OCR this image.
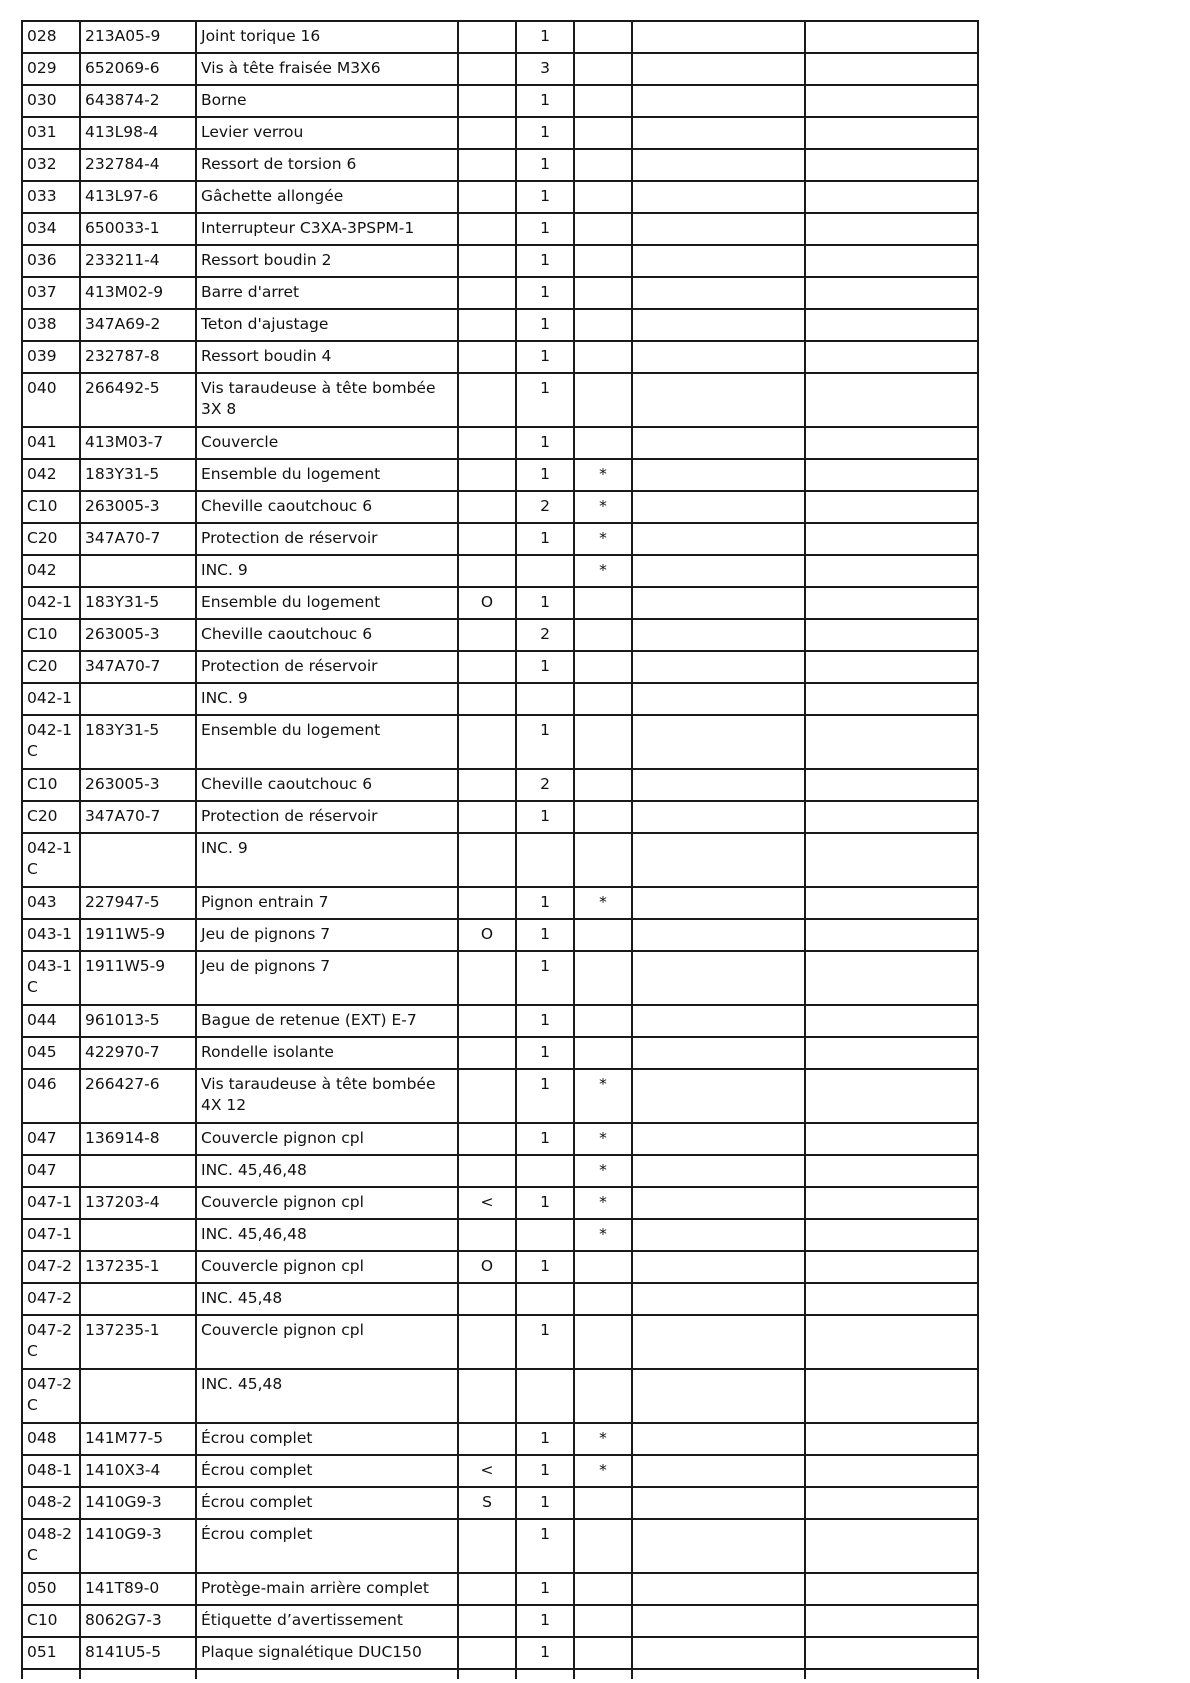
028	213A05-9	Joint torique 16		1			
029	652069-6	Vis à tête fraisée M3X6		3			
030	643874-2	Borne		1			
031	413L98-4	Levier verrou		1			
032	232784-4	Ressort de torsion 6		1			
033	413L97-6	Gâchette allongée		1			
034	650033-1	Interrupteur C3XA-3PSPM-1		1			
036	233211-4	Ressort boudin 2		1			
037	413M02-9	Barre d'arret		1			
038	347A69-2	Teton d'ajustage		1			
039	232787-8	Ressort boudin 4		1			
040	266492-5	Vis taraudeuse à tête bombée 3X 8		1			
041	413M03-7	Couvercle		1			
042	183Y31-5	Ensemble du logement		1	*		
C10	263005-3	Cheville caoutchouc 6		2	*		
C20	347A70-7	Protection de réservoir		1	*		
042		INC. 9			*		
042-1	183Y31-5	Ensemble du logement	O	1			
C10	263005-3	Cheville caoutchouc 6		2			
C20	347A70-7	Protection de réservoir		1			
042-1		INC. 9					
042-1 C	183Y31-5	Ensemble du logement		1			
C10	263005-3	Cheville caoutchouc 6		2			
C20	347A70-7	Protection de réservoir		1			
042-1 C		INC. 9					
043	227947-5	Pignon entrain 7		1	*		
043-1	1911W5-9	Jeu de pignons 7	O	1			
043-1 C	1911W5-9	Jeu de pignons 7		1			
044	961013-5	Bague de retenue (EXT) E-7		1			
045	422970-7	Rondelle isolante		1			
046	266427-6	Vis taraudeuse à tête bombée 4X 12		1	*		
047	136914-8	Couvercle pignon cpl		1	*		
047		INC. 45,46,48			*		
047-1	137203-4	Couvercle pignon cpl	<	1	*		
047-1		INC. 45,46,48			*		
047-2	137235-1	Couvercle pignon cpl	O	1			
047-2		INC. 45,48					
047-2 C	137235-1	Couvercle pignon cpl		1			
047-2 C		INC. 45,48					
048	141M77-5	Écrou complet		1	*		
048-1	1410X3-4	Écrou complet	<	1	*		
048-2	1410G9-3	Écrou complet	S	1			
048-2 C	1410G9-3	Écrou complet		1			
050	141T89-0	Protège-main arrière complet		1			
C10	8062G7-3	Étiquette d’avertissement		1			
051	8141U5-5	Plaque signalétique DUC150		1			
